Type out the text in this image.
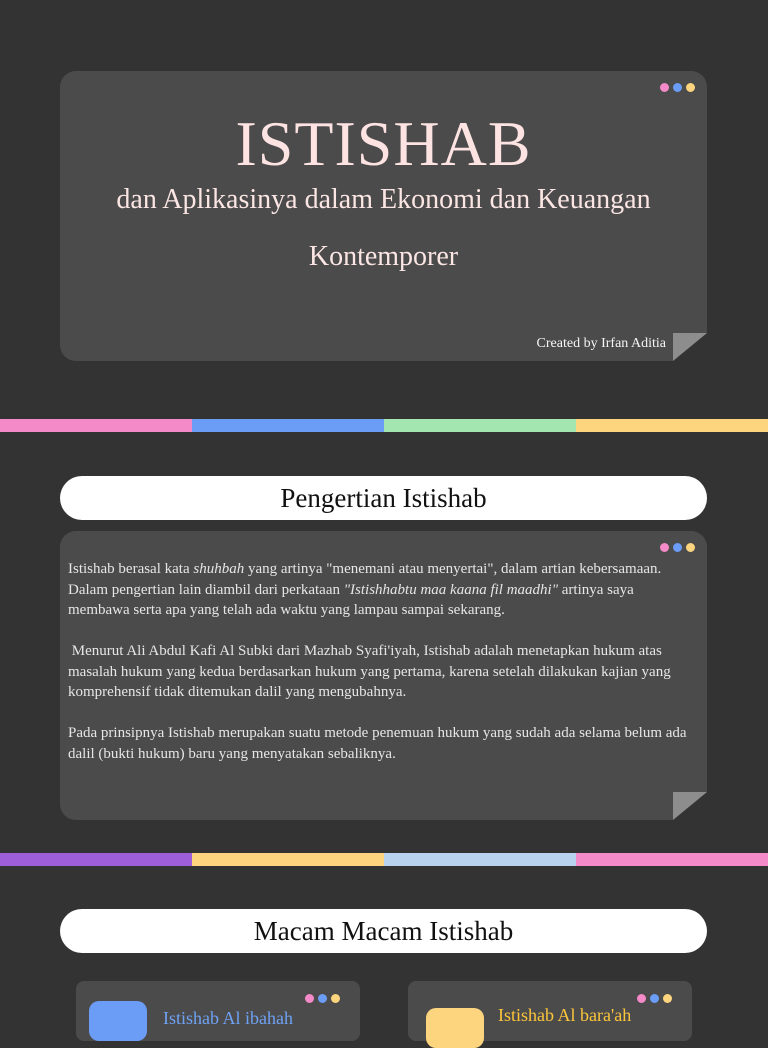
ISTISHAB

dan Aplikasinya dalam Ekonomi dan Keuangan Kontemporer

Created by Irfan Aditia
Pengertian Istishab

Istishab berasal kata shuhbah yang artinya "menemani atau menyertai", dalam artian kebersamaan. Dalam pengertian lain diambil dari perkataan "Istishhabtu maa kaana fil maadhi" artinya saya membawa serta apa yang telah ada waktu yang lampau sampai sekarang.

Menurut Ali Abdul Kafi Al Subki dari Mazhab Syafi'iyah, Istishab adalah menetapkan hukum atas masalah hukum yang kedua berdasarkan hukum yang pertama, karena setelah dilakukan kajian yang komprehensif tidak ditemukan dalil yang mengubahnya.

Pada prinsipnya Istishab merupakan suatu metode penemuan hukum yang sudah ada selama belum ada dalil (bukti hukum) baru yang menyatakan sebaliknya.

Macam Macam Istishab
Istishab Al ibahah	Istishab Al bara'ah
